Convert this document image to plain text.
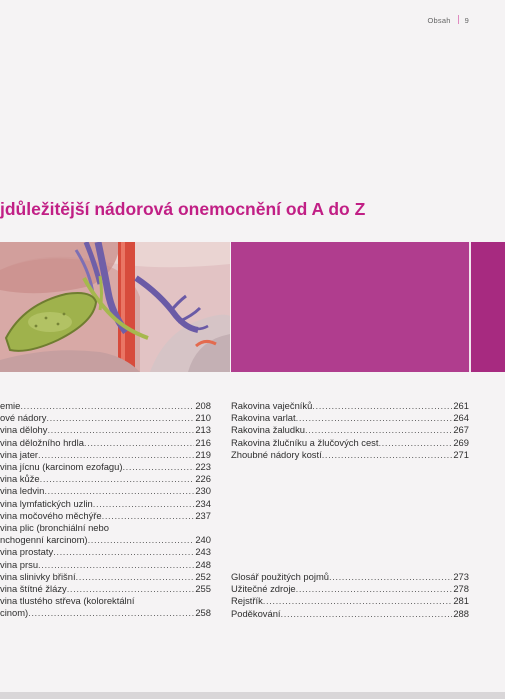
Obsah 9
jdůležitější nádorová onemocnění od A do Z
emie .....	208
ové nádory .....	210
vina dělohy .....	213
vina děložního hrdla .....	216
vina jater .....	219
vina jícnu (karcinom ezofagu) .....	223
vina kůže .....	226
vina ledvin .....	230
vina lymfatických uzlin .....	234
vina močového měchýře .....	237
vina plic (bronchiální nebo
nchogenní karcinom) .....	240
vina prostaty .....	243
vina prsu .....	248
vina slinivky břišní .....	252
vina štítné žlázy .....	255
vina tlustého střeva (kolorektální
cinom) .....	258
Rakovina vaječníků .....	261
Rakovina varlat .....	264
Rakovina žaludku .....	267
Rakovina žlučníku a žlučových cest .....	269
Zhoubné nádory kostí .....	271
Glosář použitých pojmů .....	273
Užitečné zdroje .....	278
Rejstřík .....	281
Poděkování .....	288
